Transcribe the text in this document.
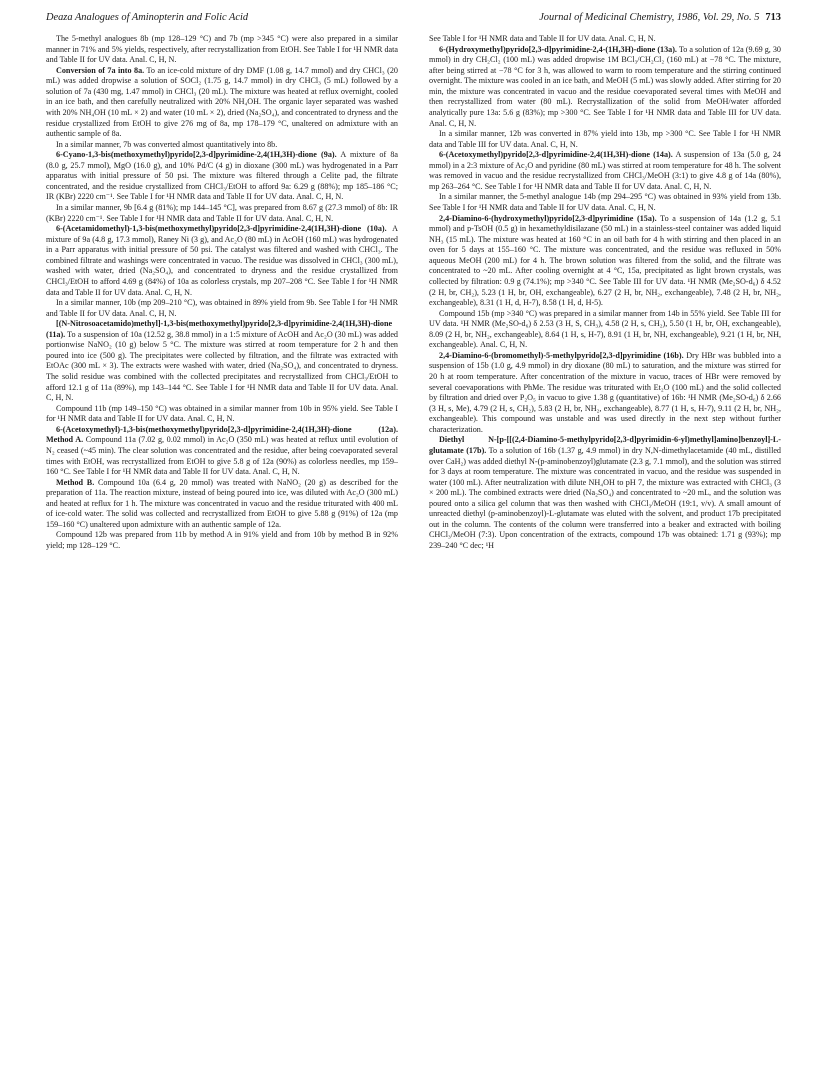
Deaza Analogues of Aminopterin and Folic Acid	Journal of Medicinal Chemistry, 1986, Vol. 29, No. 5 713

The 5-methyl analogues 8b (mp 128–129 °C) and 7b (mp >345 °C) were also prepared in a similar manner in 71% and 5% yields, respectively, after recrystallization from EtOH. See Table I for ¹H NMR data and Table II for UV data. Anal. C, H, N.

Conversion of 7a into 8a. To an ice-cold mixture of dry DMF (1.08 g, 14.7 mmol) and dry CHCl₃ (20 mL) was added dropwise a solution of SOCl₂ (1.75 g, 14.7 mmol) in dry CHCl₃ (5 mL) followed by a solution of 7a (430 mg, 1.47 mmol) in CHCl₃ (20 mL). The mixture was heated at reflux overnight, cooled in an ice bath, and then carefully neutralized with 20% NH₄OH. The organic layer separated was washed with 20% NH₄OH (10 mL × 2) and water (10 mL × 2), dried (Na₂SO₄), and concentrated to dryness and the residue crystallized from EtOH to give 276 mg of 8a, mp 178–179 °C, unaltered on admixture with an authentic sample of 8a.

In a similar manner, 7b was converted almost quantitatively into 8b.

6-Cyano-1,3-bis(methoxymethyl)pyrido[2,3-d]pyrimidine-2,4(1H,3H)-dione (9a). A mixture of 8a (8.0 g, 25.7 mmol), MgO (16.0 g), and 10% Pd/C (4 g) in dioxane (300 mL) was hydrogenated in a Parr apparatus with initial pressure of 50 psi. The mixture was filtered through a Celite pad, the filtrate concentrated, and the residue crystallized from CHCl₃/EtOH to afford 9a: 6.29 g (88%); mp 185–186 °C; IR (KBr) 2220 cm⁻¹. See Table I for ¹H NMR data and Table II for UV data. Anal. C, H, N.

In a similar manner, 9b [6.4 g (81%); mp 144–145 °C], was prepared from 8.67 g (27.3 mmol) of 8b: IR (KBr) 2220 cm⁻¹. See Table I for ¹H NMR data and Table II for UV data. Anal. C, H, N.

6-(Acetamidomethyl)-1,3-bis(methoxymethyl)pyrido[2,3-d]pyrimidine-2,4(1H,3H)-dione (10a). A mixture of 9a (4.8 g, 17.3 mmol), Raney Ni (3 g), and Ac₂O (80 mL) in AcOH (160 mL) was hydrogenated in a Parr apparatus with initial pressure of 50 psi. The catalyst was filtered and washed with CHCl₃. The combined filtrate and washings were concentrated in vacuo. The residue was dissolved in CHCl₃ (300 mL), washed with water, dried (Na₂SO₄), and concentrated to dryness and the residue crystallized from CHCl₃/EtOH to afford 4.69 g (84%) of 10a as colorless crystals, mp 207–208 °C. See Table I for ¹H NMR data and Table II for UV data. Anal. C, H, N.

In a similar manner, 10b (mp 209–210 °C), was obtained in 89% yield from 9b. See Table I for ¹H NMR and Table II for UV data. Anal. C, H, N.

[(N-Nitrosoacetamido)methyl]-1,3-bis(methoxymethyl)pyrido[2,3-d]pyrimidine-2,4(1H,3H)-dione (11a). To a suspension of 10a (12.52 g, 38.8 mmol) in a 1:5 mixture of AcOH and Ac₂O (30 mL) was added portionwise NaNO₂ (10 g) below 5 °C. The mixture was stirred at room temperature for 2 h and then poured into ice (500 g). The precipitates were collected by filtration, and the filtrate was extracted with EtOAc (300 mL × 3). The extracts were washed with water, dried (Na₂SO₄), and concentrated to dryness. The solid residue was combined with the collected precipitates and recrystallized from CHCl₃/EtOH to afford 12.1 g of 11a (89%), mp 143–144 °C. See Table I for ¹H NMR data and Table II for UV data. Anal. C, H, N.

Compound 11b (mp 149–150 °C) was obtained in a similar manner from 10b in 95% yield. See Table I for ¹H NMR data and Table II for UV data. Anal. C, H, N.

6-(Acetoxymethyl)-1,3-bis(methoxymethyl)pyrido[2,3-d]pyrimidine-2,4(1H,3H)-dione (12a). Method A. Compound 11a (7.02 g, 0.02 mmol) in Ac₂O (350 mL) was heated at reflux until evolution of N₂ ceased (~45 min). The clear solution was concentrated and the residue, after being coevaporated several times with EtOH, was recrystallized from EtOH to give 5.8 g of 12a (90%) as colorless needles, mp 159–160 °C. See Table I for ¹H NMR data and Table II for UV data. Anal. C, H, N.

Method B. Compound 10a (6.4 g, 20 mmol) was treated with NaNO₂ (20 g) as described for the preparation of 11a. The reaction mixture, instead of being poured into ice, was diluted with Ac₂O (300 mL) and heated at reflux for 1 h. The mixture was concentrated in vacuo and the residue triturated with 400 mL of ice-cold water. The solid was collected and recrystallized from EtOH to give 5.88 g (91%) of 12a (mp 159–160 °C) unaltered upon admixture with an authentic sample of 12a.

Compound 12b was prepared from 11b by method A in 91% yield and from 10b by method B in 92% yield; mp 128–129 °C.

See Table I for ¹H NMR data and Table II for UV data. Anal. C, H, N.

6-(Hydroxymethyl)pyrido[2,3-d]pyrimidine-2,4-(1H,3H)-dione (13a). To a solution of 12a (9.69 g, 30 mmol) in dry CH₂Cl₂ (100 mL) was added dropwise 1M BCl₃/CH₂Cl₂ (160 mL) at −78 °C. The mixture, after being stirred at −78 °C for 3 h, was allowed to warm to room temperature and the stirring continued overnight. The mixture was cooled in an ice bath, and MeOH (5 mL) was slowly added. After stirring for 20 min, the mixture was concentrated in vacuo and the residue coevaporated several times with MeOH and then recrystallized from water (80 mL). Recrystallization of the solid from MeOH/water afforded analytically pure 13a: 5.6 g (83%); mp >300 °C. See Table I for ¹H NMR data and Table III for UV data. Anal. C, H, N.

In a similar manner, 12b was converted in 87% yield into 13b, mp >300 °C. See Table I for ¹H NMR data and Table III for UV data. Anal. C, H, N.

6-(Acetoxymethyl)pyrido[2,3-d]pyrimidine-2,4(1H,3H)-dione (14a). A suspension of 13a (5.0 g, 24 mmol) in a 2:3 mixture of Ac₂O and pyridine (80 mL) was stirred at room temperature for 48 h. The solvent was removed in vacuo and the residue recrystallized from CHCl₃/MeOH (3:1) to give 4.8 g of 14a (80%), mp 263–264 °C. See Table I for ¹H NMR data and Table II for UV data. Anal. C, H, N.

In a similar manner, the 5-methyl analogue 14b (mp 294–295 °C) was obtained in 93% yield from 13b. See Table I for ¹H NMR data and Table II for UV data. Anal. C, H, N.

2,4-Diamino-6-(hydroxymethyl)pyrido[2,3-d]pyrimidine (15a). To a suspension of 14a (1.2 g, 5.1 mmol) and p-TsOH (0.5 g) in hexamethyldisilazane (50 mL) in a stainless-steel container was added liquid NH₃ (15 mL). The mixture was heated at 160 °C in an oil bath for 4 h with stirring and then placed in an oven for 5 days at 155–160 °C. The mixture was concentrated, and the residue was refluxed in 50% aqueous MeOH (200 mL) for 4 h. The brown solution was filtered from the solid, and the filtrate was concentrated to ~20 mL. After cooling overnight at 4 °C, 15a, precipitated as light brown crystals, was collected by filtration: 0.9 g (74.1%); mp >340 °C. See Table III for UV data. ¹H NMR (Me₂SO-d₆) δ 4.52 (2 H, br, CH₂), 5.23 (1 H, br, OH, exchangeable), 6.27 (2 H, br, NH₂, exchangeable), 7.48 (2 H, br, NH₂, exchangeable), 8.31 (1 H, d, H-7), 8.58 (1 H, d, H-5).

Compound 15b (mp >340 °C) was prepared in a similar manner from 14b in 55% yield. See Table III for UV data. ¹H NMR (Me₂SO-d₆) δ 2.53 (3 H, S, CH₃), 4.58 (2 H, s, CH₂), 5.50 (1 H, br, OH, exchangeable), 8.09 (2 H, br, NH₂, exchangeable), 8.64 (1 H, s, H-7), 8.91 (1 H, br, NH, exchangeable), 9.21 (1 H, br, NH, exchangeable). Anal. C, H, N.

2,4-Diamino-6-(bromomethyl)-5-methylpyrido[2,3-d]pyrimidine (16b). Dry HBr was bubbled into a suspension of 15b (1.0 g, 4.9 mmol) in dry dioxane (80 mL) to saturation, and the mixture was stirred for 20 h at room temperature. After concentration of the mixture in vacuo, traces of HBr were removed by several coevaporations with PhMe. The residue was triturated with Et₂O (100 mL) and the solid collected by filtration and dried over P₂O₅ in vacuo to give 1.38 g (quantitative) of 16b: ¹H NMR (Me₂SO-d₆) δ 2.66 (3 H, s, Me), 4.79 (2 H, s, CH₂), 5.83 (2 H, br, NH₂, exchangeable), 8.77 (1 H, s, H-7), 9.11 (2 H, br, NH₂, exchangeable). This compound was unstable and was used directly in the next step without further characterization.

Diethyl N-[p-[[(2,4-Diamino-5-methylpyrido[2,3-d]pyrimidin-6-yl)methyl]amino]benzoyl]-L-glutamate (17b). To a solution of 16b (1.37 g, 4.9 mmol) in dry N,N-dimethylacetamide (40 mL, distilled over CaH₂) was added diethyl N-(p-aminobenzoyl)glutamate (2.3 g, 7.1 mmol), and the solution was stirred for 3 days at room temperature. The mixture was concentrated in vacuo, and the residue was suspended in water (100 mL). After neutralization with dilute NH₄OH to pH 7, the mixture was extracted with CHCl₃ (3 × 200 mL). The combined extracts were dried (Na₂SO₄) and concentrated to ~20 mL, and the solution was poured onto a silica gel column that was then washed with CHCl₃/MeOH (19:1, v/v). A small amount of unreacted diethyl (p-aminobenzoyl)-L-glutamate was eluted with the solvent, and product 17b precipitated out in the column. The contents of the column were transferred into a beaker and extracted with boiling CHCl₃/MeOH (7:3). Upon concentration of the extracts, compound 17b was obtained: 1.71 g (93%); mp 239–240 °C dec; ¹H
